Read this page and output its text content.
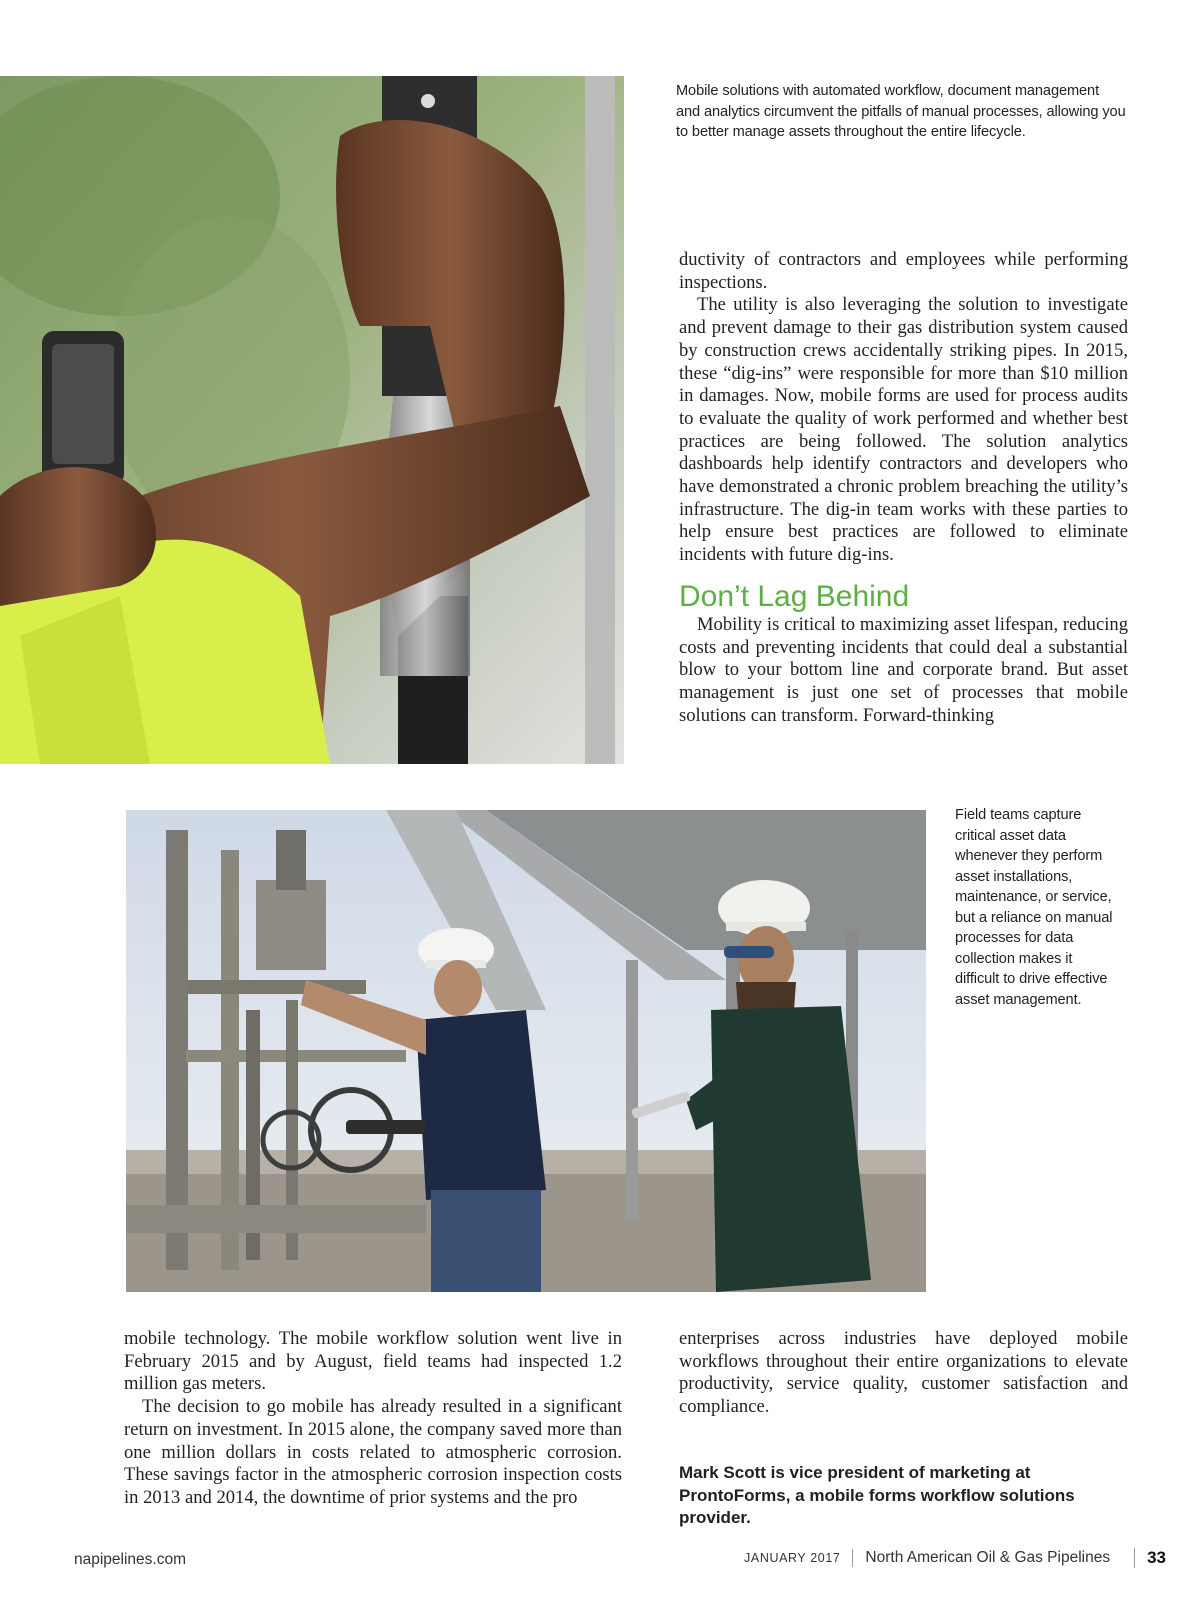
Mobile solutions with automated workflow, document management and analytics circumvent the pitfalls of manual processes, allowing you to better manage assets throughout the entire lifecycle.

ductivity of contractors and employees while performing inspections.

The utility is also leveraging the solution to investigate and prevent damage to their gas distribution system caused by construction crews accidentally striking pipes. In 2015, these “dig-ins” were responsible for more than $10 million in damages. Now, mobile forms are used for process audits to evaluate the quality of work performed and whether best practices are being followed. The solution analytics dashboards help identify contractors and developers who have demonstrated a chronic problem breaching the utility’s infrastructure. The dig-in team works with these parties to help ensure best practices are followed to eliminate incidents with future dig-ins.

Don’t Lag Behind

Mobility is critical to maximizing asset lifespan, reducing costs and preventing incidents that could deal a substantial blow to your bottom line and corporate brand. But asset management is just one set of processes that mobile solutions can transform. Forward-thinking

Field teams capture critical asset data whenever they perform asset installations, maintenance, or service, but a reliance on manual processes for data collection makes it difficult to drive effective asset management.

mobile technology. The mobile workflow solution went live in February 2015 and by August, field teams had inspected 1.2 million gas meters.

The decision to go mobile has already resulted in a significant return on investment. In 2015 alone, the company saved more than one million dollars in costs related to atmospheric corrosion. These savings factor in the atmospheric corrosion inspection costs in 2013 and 2014, the downtime of prior systems and the pro

enterprises across industries have deployed mobile workflows throughout their entire organizations to elevate productivity, service quality, customer satisfaction and compliance.

Mark Scott is vice president of marketing at ProntoForms, a mobile forms workflow solutions provider.
napipelines.com	JANUARY 2017 North American Oil & Gas Pipelines 33
